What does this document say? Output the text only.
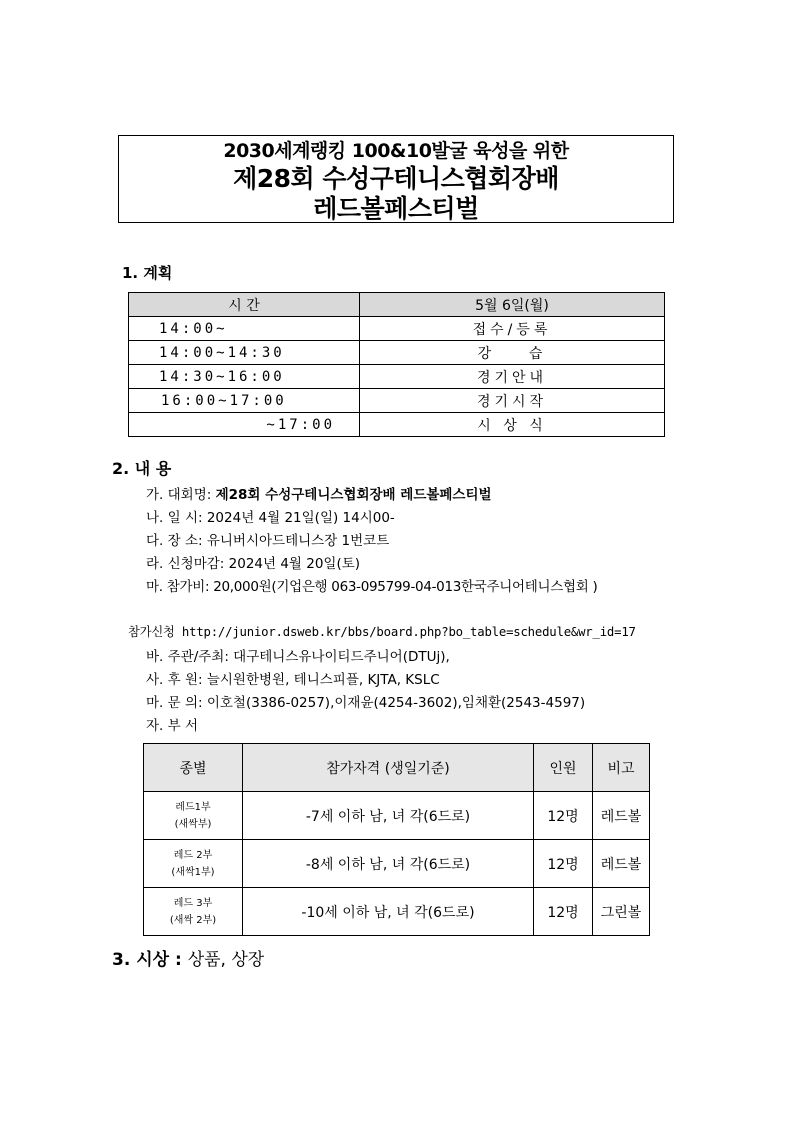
2030세계랭킹 100&10발굴 육성을 위한
제28회 수성구테니스협회장배
레드볼페스티벌
1. 계획
시 간	5월 6일(월)
14:00~	접수/등록
14:00~14:30	강    습
14:30~16:00	경기안내
16:00~17:00	경기시작
~17:00	시 상 식
2. 내 용
가. 대회명: 제28회 수성구테니스협회장배 레드볼페스티벌
나. 일 시: 2024년 4월 21일(일) 14시00-
다. 장 소: 유니버시아드테니스장 1번코트
라. 신청마감: 2024년 4월 20일(토)
마. 참가비: 20,000원(기업은행 063-095799-04-013한국주니어테니스협회 )
참가신청 http://junior.dsweb.kr/bbs/board.php?bo_table=schedule&wr_id=17
바. 주관/주최: 대구테니스유나이티드주니어(DTUj),
사. 후 원: 늘시원한병원, 테니스피플, KJTA, KSLC
마. 문 의: 이호철(3386-0257),이재윤(4254-3602),임채환(2543-4597)
자. 부 서
종별	참가자격 (생일기준)	인원	비고

레드1부
(새싹부)	-7세 이하 남, 녀 각(6드로)	12명	레드볼

레드 2부
(새싹1부)	-8세 이하 남, 녀 각(6드로)	12명	레드볼

레드 3부
(새싹 2부)	-10세 이하 남, 녀 각(6드로)	12명	그린볼
3. 시상 : 상품, 상장
